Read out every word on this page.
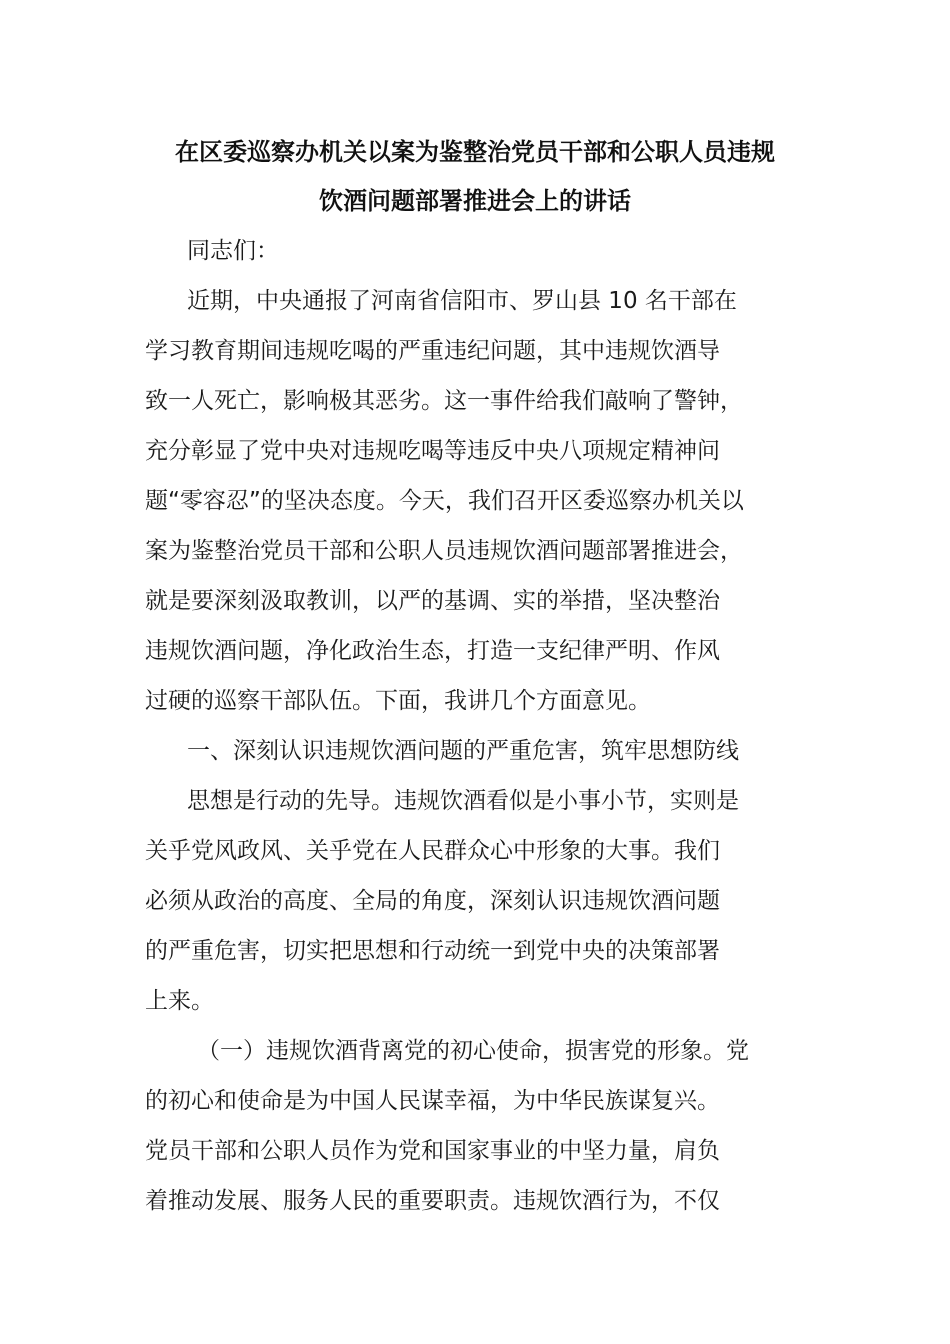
在区委巡察办机关以案为鉴整治党员干部和公职人员违规
饮酒问题部署推进会上的讲话
同志们：
近期，中央通报了河南省信阳市、罗山县 10 名干部在
学习教育期间违规吃喝的严重违纪问题，其中违规饮酒导
致一人死亡，影响极其恶劣。这一事件给我们敲响了警钟，
充分彰显了党中央对违规吃喝等违反中央八项规定精神问
题“零容忍”的坚决态度。今天，我们召开区委巡察办机关以
案为鉴整治党员干部和公职人员违规饮酒问题部署推进会，
就是要深刻汲取教训，以严的基调、实的举措，坚决整治
违规饮酒问题，净化政治生态，打造一支纪律严明、作风
过硬的巡察干部队伍。下面，我讲几个方面意见。
一、深刻认识违规饮酒问题的严重危害，筑牢思想防线
思想是行动的先导。违规饮酒看似是小事小节，实则是
关乎党风政风、关乎党在人民群众心中形象的大事。我们
必须从政治的高度、全局的角度，深刻认识违规饮酒问题
的严重危害，切实把思想和行动统一到党中央的决策部署
上来。
（一）违规饮酒背离党的初心使命，损害党的形象。党
的初心和使命是为中国人民谋幸福，为中华民族谋复兴。
党员干部和公职人员作为党和国家事业的中坚力量，肩负
着推动发展、服务人民的重要职责。违规饮酒行为，不仅
